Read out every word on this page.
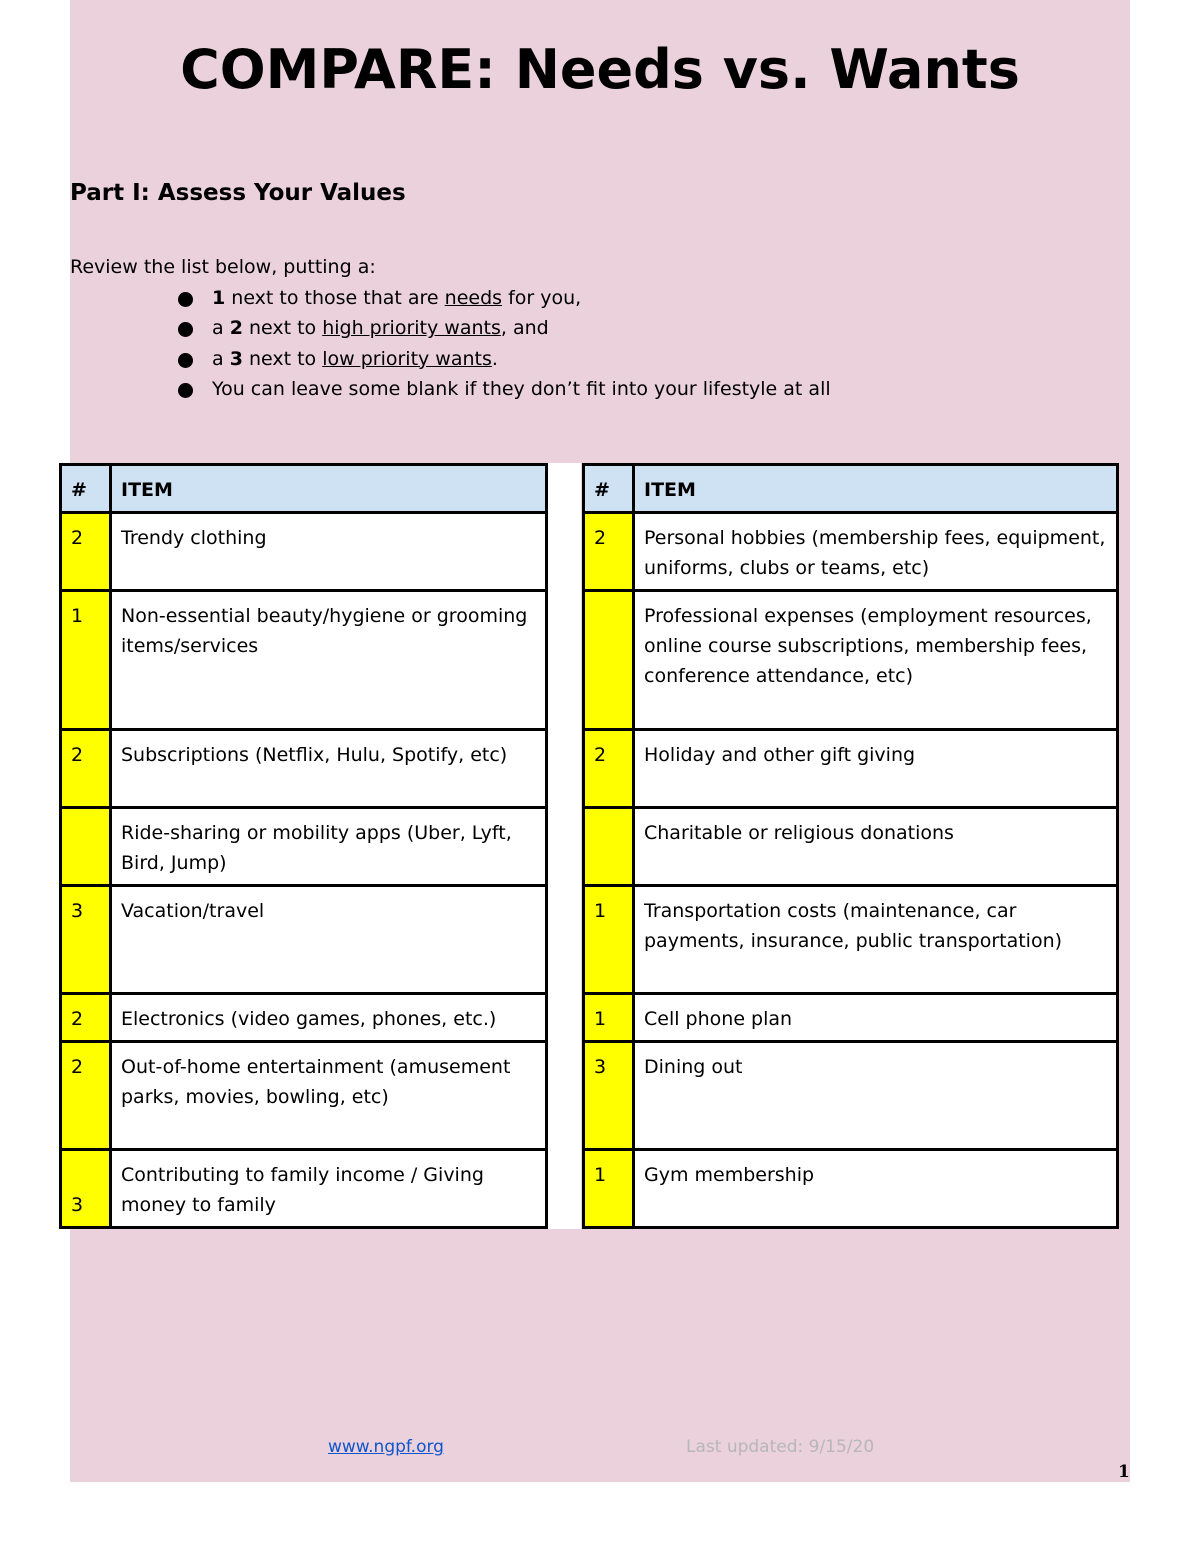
COMPARE: Needs vs. Wants
Part I: Assess Your Values
Review the list below, putting a:
1 next to those that are needs for you,
a 2 next to high priority wants, and
a 3 next to low priority wants.
You can leave some blank if they don’t fit into your lifestyle at all
#	ITEM
2	Trendy clothing
1	Non-essential beauty/hygiene or grooming items/services
2	Subscriptions (Netflix, Hulu, Spotify, etc)
	Ride-sharing or mobility apps (Uber, Lyft, Bird, Jump)
3	Vacation/travel
2	Electronics (video games, phones, etc.)
2	Out-of-home entertainment (amusement parks, movies, bowling, etc)
3	Contributing to family income / Giving money to family
#	ITEM
2	Personal hobbies (membership fees, equipment, uniforms, clubs or teams, etc)
	Professional expenses (employment resources, online course subscriptions, membership fees, conference attendance, etc)
2	Holiday and other gift giving
	Charitable or religious donations
1	Transportation costs (maintenance, car payments, insurance, public transportation)
1	Cell phone plan
3	Dining out
1	Gym membership
www.ngpf.org	Last updated: 9/15/20
1
